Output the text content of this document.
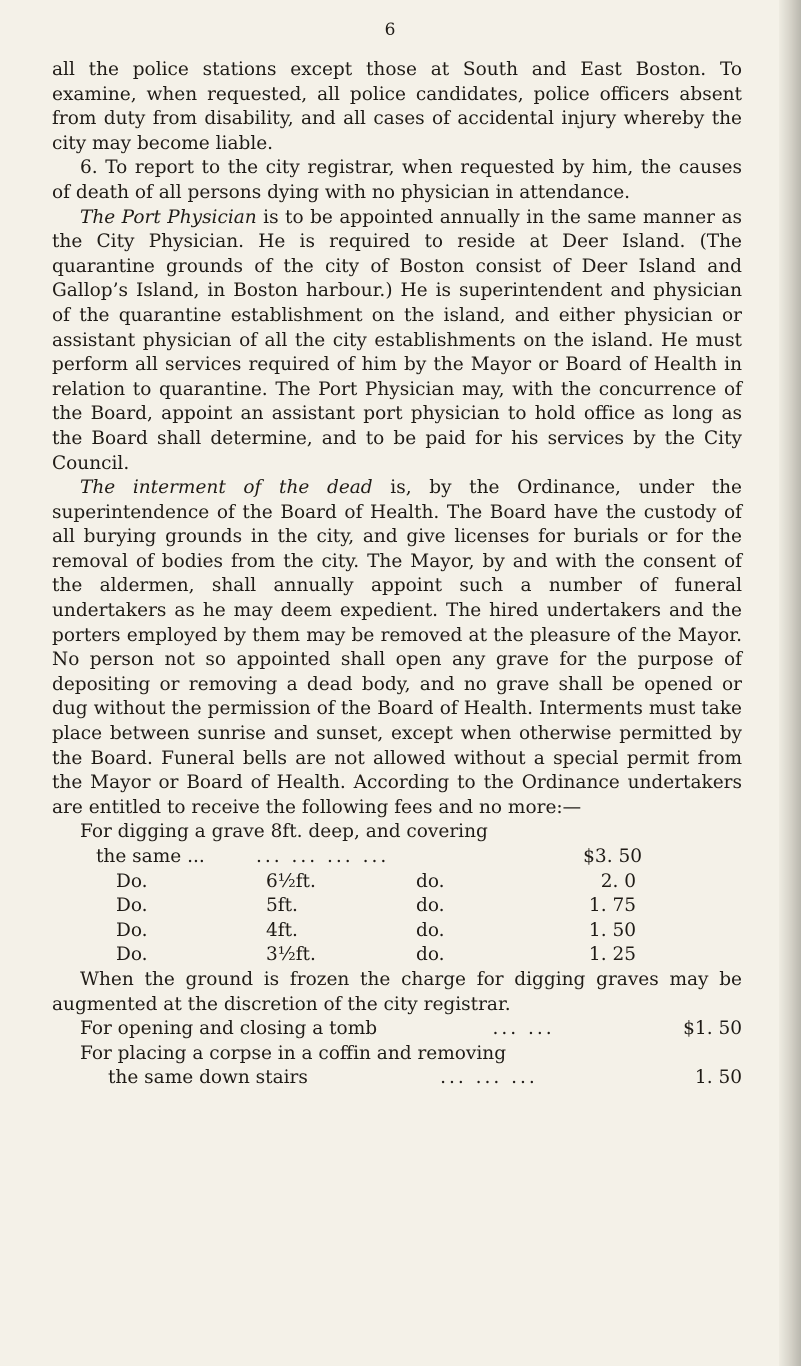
6

all the police stations except those at South and East Boston. To examine, when requested, all police candidates, police officers absent from duty from disability, and all cases of accidental injury whereby the city may become liable.

6. To report to the city registrar, when requested by him, the causes of death of all persons dying with no physician in attendance.

The Port Physician is to be appointed annually in the same manner as the City Physician. He is required to reside at Deer Island. (The quarantine grounds of the city of Boston consist of Deer Island and Gallop’s Island, in Boston harbour.) He is superintendent and physician of the quarantine establishment on the island, and either physician or assistant physician of all the city establishments on the island. He must perform all services required of him by the Mayor or Board of Health in relation to quarantine. The Port Physician may, with the concurrence of the Board, appoint an assistant port physician to hold office as long as the Board shall determine, and to be paid for his services by the City Council.

The interment of the dead is, by the Ordinance, under the superintendence of the Board of Health. The Board have the custody of all burying grounds in the city, and give licenses for burials or for the removal of bodies from the city. The Mayor, by and with the consent of the aldermen, shall annually appoint such a number of funeral undertakers as he may deem expedient. The hired undertakers and the porters employed by them may be removed at the pleasure of the Mayor. No person not so appointed shall open any grave for the purpose of depositing or removing a dead body, and no grave shall be opened or dug without the permission of the Board of Health. Interments must take place between sunrise and sunset, except when otherwise permitted by the Board. Funeral bells are not allowed without a special permit from the Mayor or Board of Health. According to the Ordinance undertakers are entitled to receive the following fees and no more:—

For digging a grave 8ft. deep, and covering
the same ...	... ... ... ...	$3. 50
Do.	6½ft.	do.	2. 0
Do.	5ft.	do.	1. 75
Do.	4ft.	do.	1. 50
Do.	3½ft.	do.	1. 25

When the ground is frozen the charge for digging graves may be augmented at the discretion of the city registrar.

For opening and closing a tomb	... ...	$1. 50
For placing a corpse in a coffin and removing
the same down stairs	... ... ...	1. 50
